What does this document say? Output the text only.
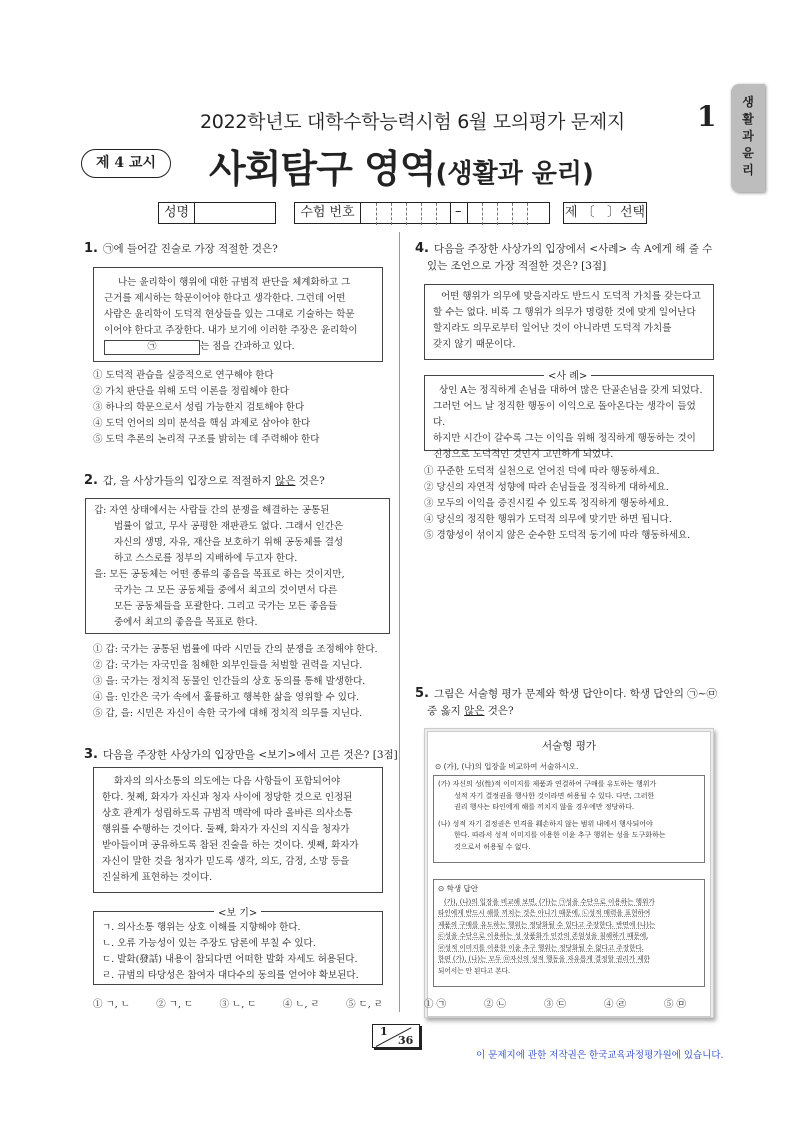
2022학년도 대학수학능력시험 6월 모의평가 문제지	1	생
활
과
윤
리
제 4 교시	사회탐구 영역(생활과 윤리)
성명	수험 번호	–	제 〔   〕선택
1. ㉠에 들어갈 진술로 가장 적절한 것은?
나는 윤리학이 행위에 대한 규범적 판단을 체계화하고 그
근거를 제시하는 학문이어야 한다고 생각한다. 그런데 어떤
사람은 윤리학이 도덕적 현상들을 있는 그대로 기술하는 학문
이어야 한다고 주장한다. 내가 보기에 이러한 주장은 윤리학이
㉠	는 점을 간과하고 있다.
① 도덕적 관습을 실증적으로 연구해야 한다
② 가치 판단을 위해 도덕 이론을 정립해야 한다
③ 하나의 학문으로서 성립 가능한지 검토해야 한다
④ 도덕 언어의 의미 분석을 핵심 과제로 삼아야 한다
⑤ 도덕 추론의 논리적 구조를 밝히는 데 주력해야 한다
2. 갑, 을 사상가들의 입장으로 적절하지 않은 것은?
갑: 자연 상태에서는 사람들 간의 분쟁을 해결하는 공통된
법률이 없고, 무사 공평한 재판관도 없다. 그래서 인간은
자신의 생명, 자유, 재산을 보호하기 위해 공동체를 결성
하고 스스로를 정부의 지배하에 두고자 한다.
을: 모든 공동체는 어떤 종류의 좋음을 목표로 하는 것이지만,
국가는 그 모든 공동체들 중에서 최고의 것이면서 다른
모든 공동체들을 포괄한다. 그리고 국가는 모든 좋음들
중에서 최고의 좋음을 목표로 한다.
① 갑: 국가는 공통된 법률에 따라 시민들 간의 분쟁을 조정해야 한다.
② 갑: 국가는 자국민을 침해한 외부인들을 처벌할 권력을 지닌다.
③ 을: 국가는 정치적 동물인 인간들의 상호 동의를 통해 발생한다.
④ 을: 인간은 국가 속에서 훌륭하고 행복한 삶을 영위할 수 있다.
⑤ 갑, 을: 시민은 자신이 속한 국가에 대해 정치적 의무를 지닌다.
3. 다음을 주장한 사상가의 입장만을 <보기>에서 고른 것은? [3점]
화자의 의사소통의 의도에는 다음 사항들이 포함되어야
한다. 첫째, 화자가 자신과 청자 사이에 정당한 것으로 인정된
상호 관계가 성립하도록 규범적 맥락에 따라 올바른 의사소통
행위를 수행하는 것이다. 둘째, 화자가 자신의 지식을 청자가
받아들이며 공유하도록 참된 진술을 하는 것이다. 셋째, 화자가
자신이 말한 것을 청자가 믿도록 생각, 의도, 감정, 소망 등을
진실하게 표현하는 것이다.
ㄱ. 의사소통 행위는 상호 이해를 지향해야 한다.
ㄴ. 오류 가능성이 있는 주장도 담론에 부칠 수 있다.
ㄷ. 발화(發話) 내용이 참되다면 어떠한 발화 자세도 허용된다.
ㄹ. 규범의 타당성은 참여자 대다수의 동의를 얻어야 확보된다.
<보 기>
① ㄱ, ㄴ	② ㄱ, ㄷ	③ ㄴ, ㄷ	④ ㄴ, ㄹ	⑤ ㄷ, ㄹ
4. 다음을 주장한 사상가의 입장에서 <사례> 속 A에게 해 줄 수
있는 조언으로 가장 적절한 것은? [3점]
어떤 행위가 의무에 맞을지라도 반드시 도덕적 가치를 갖는다고
할 수는 없다. 비록 그 행위가 의무가 명령한 것에 맞게 일어난다
할지라도 의무로부터 일어난 것이 아니라면 도덕적 가치를
갖지 않기 때문이다.
상인 A는 정직하게 손님을 대하여 많은 단골손님을 갖게 되었다.
그러던 어느 날 정직한 행동이 이익으로 돌아온다는 생각이 들었다.
하지만 시간이 갈수록 그는 이익을 위해 정직하게 행동하는 것이
진정으로 도덕적인 것인지 고민하게 되었다.
<사 례>
① 꾸준한 도덕적 실천으로 얻어진 덕에 따라 행동하세요.
② 당신의 자연적 성향에 따라 손님들을 정직하게 대하세요.
③ 모두의 이익을 증진시킬 수 있도록 정직하게 행동하세요.
④ 당신의 정직한 행위가 도덕적 의무에 맞기만 하면 됩니다.
⑤ 경향성이 섞이지 않은 순수한 도덕적 동기에 따라 행동하세요.
5. 그림은 서술형 평가 문제와 학생 답안이다. 학생 답안의 ㉠~㉤
중 옳지 않은 것은?
서술형 평가
⊙ (가), (나)의 입장을 비교하여 서술하시오.
(가) 자신의 성(性)적 이미지를 제품과 연결하여 구매를 유도하는 행위가
성적 자기 결정권을 행사한 것이라면 허용될 수 있다. 다만, 그러한
권리 행사는 타인에게 해를 끼치지 않을 경우에만 정당하다.
(나) 성적 자기 결정권은 인격을 훼손하지 않는 범위 내에서 행사되어야
한다. 따라서 성적 이미지를 이용한 이윤 추구 행위는 성을 도구화하는
것으로서 허용될 수 없다.
⊙ 학생 답안
(가), (나)의 입장을 비교해 보면, (가)는 ㉠성을 수단으로 이용하는 행위가
타인에게 반드시 해를 끼치는 것은 아니기 때문에, ㉡성적 매력을 표현하여
제품의 구매를 유도하는 행위는 정당화될 수 있다고 주장한다. 반면에 (나)는
㉢성을 수단으로 이용하는 성 상품화가 인간의 존엄성을 침해하기 때문에,
㉣성적 이미지를 이용한 이윤 추구 행위는 정당화될 수 없다고 주장한다.
한편 (가), (나)는 모두 ㉤자신의 성적 행동을 자유롭게 결정할 권리가 제한
되어서는 안 된다고 본다.
① ㉠	② ㉡	③ ㉢	④ ㉣	⑤ ㉤
1
36
이 문제지에 관한 저작권은 한국교육과정평가원에 있습니다.
